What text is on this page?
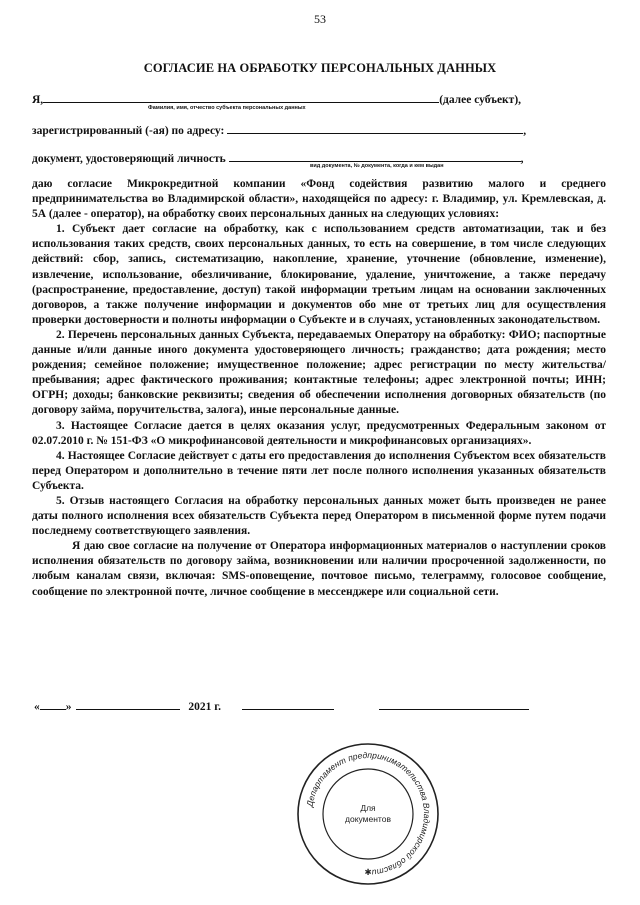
53
СОГЛАСИЕ НА ОБРАБОТКУ ПЕРСОНАЛЬНЫХ ДАННЫХ
Я,	(далее субъект),
Фамилия, имя, отчество субъекта персональных данных
зарегистрированный (-ая) по адресу:	,
документ, удостоверяющий личность	,
вид документа, № документа, когда и кем выдан

даю согласие Микрокредитной компании «Фонд содействия развитию малого и среднего предпринимательства во Владимирской области», находящейся по адресу: г. Владимир, ул. Кремлевская, д. 5А (далее - оператор), на обработку своих персональных данных на следующих условиях:

1. Субъект дает согласие на обработку, как с использованием средств автоматизации, так и без использования таких средств, своих персональных данных, то есть на совершение, в том числе следующих действий: сбор, запись, систематизацию, накопление, хранение, уточнение (обновление, изменение), извлечение, использование, обезличивание, блокирование, удаление, уничтожение, а также передачу (распространение, предоставление, доступ) такой информации третьим лицам на основании заключенных договоров, а также получение информации и документов обо мне от третьих лиц для осуществления проверки достоверности и полноты информации о Субъекте и в случаях, установленных законодательством.

2. Перечень персональных данных Субъекта, передаваемых Оператору на обработку: ФИО; паспортные данные и/или данные иного документа удостоверяющего личность; гражданство; дата рождения; место рождения; семейное положение; имущественное положение; адрес регистрации по месту жительства/пребывания; адрес фактического проживания; контактные телефоны; адрес электронной почты; ИНН; ОГРН; доходы; банковские реквизиты; сведения об обеспечении исполнения договорных обязательств (по договору займа, поручительства, залога), иные персональные данные.

3. Настоящее Согласие дается в целях оказания услуг, предусмотренных Федеральным законом от 02.07.2010 г. № 151-ФЗ «О микрофинансовой деятельности и микрофинансовых организациях».

4. Настоящее Согласие действует с даты его предоставления до исполнения Субъектом всех обязательств перед Оператором и дополнительно в течение пяти лет после полного исполнения указанных обязательств Субъекта.

5. Отзыв настоящего Согласия на обработку персональных данных может быть произведен не ранее даты полного исполнения всех обязательств Субъекта перед Оператором в письменной форме путем подачи последнему соответствующего заявления.

Я даю свое согласие на получение от Оператора информационных материалов о наступлении сроков исполнения обязательств по договору займа, возникновении или наличии просроченной задолженности, по любым каналам связи, включая: SMS-оповещение, почтовое письмо, телеграмму, голосовое сообщение, сообщение по электронной почте, личное сообщение в мессенджере или социальной сети.

« »	2021 г.
Департамент предпринимательства Владимирской области
Для
документов
✱
